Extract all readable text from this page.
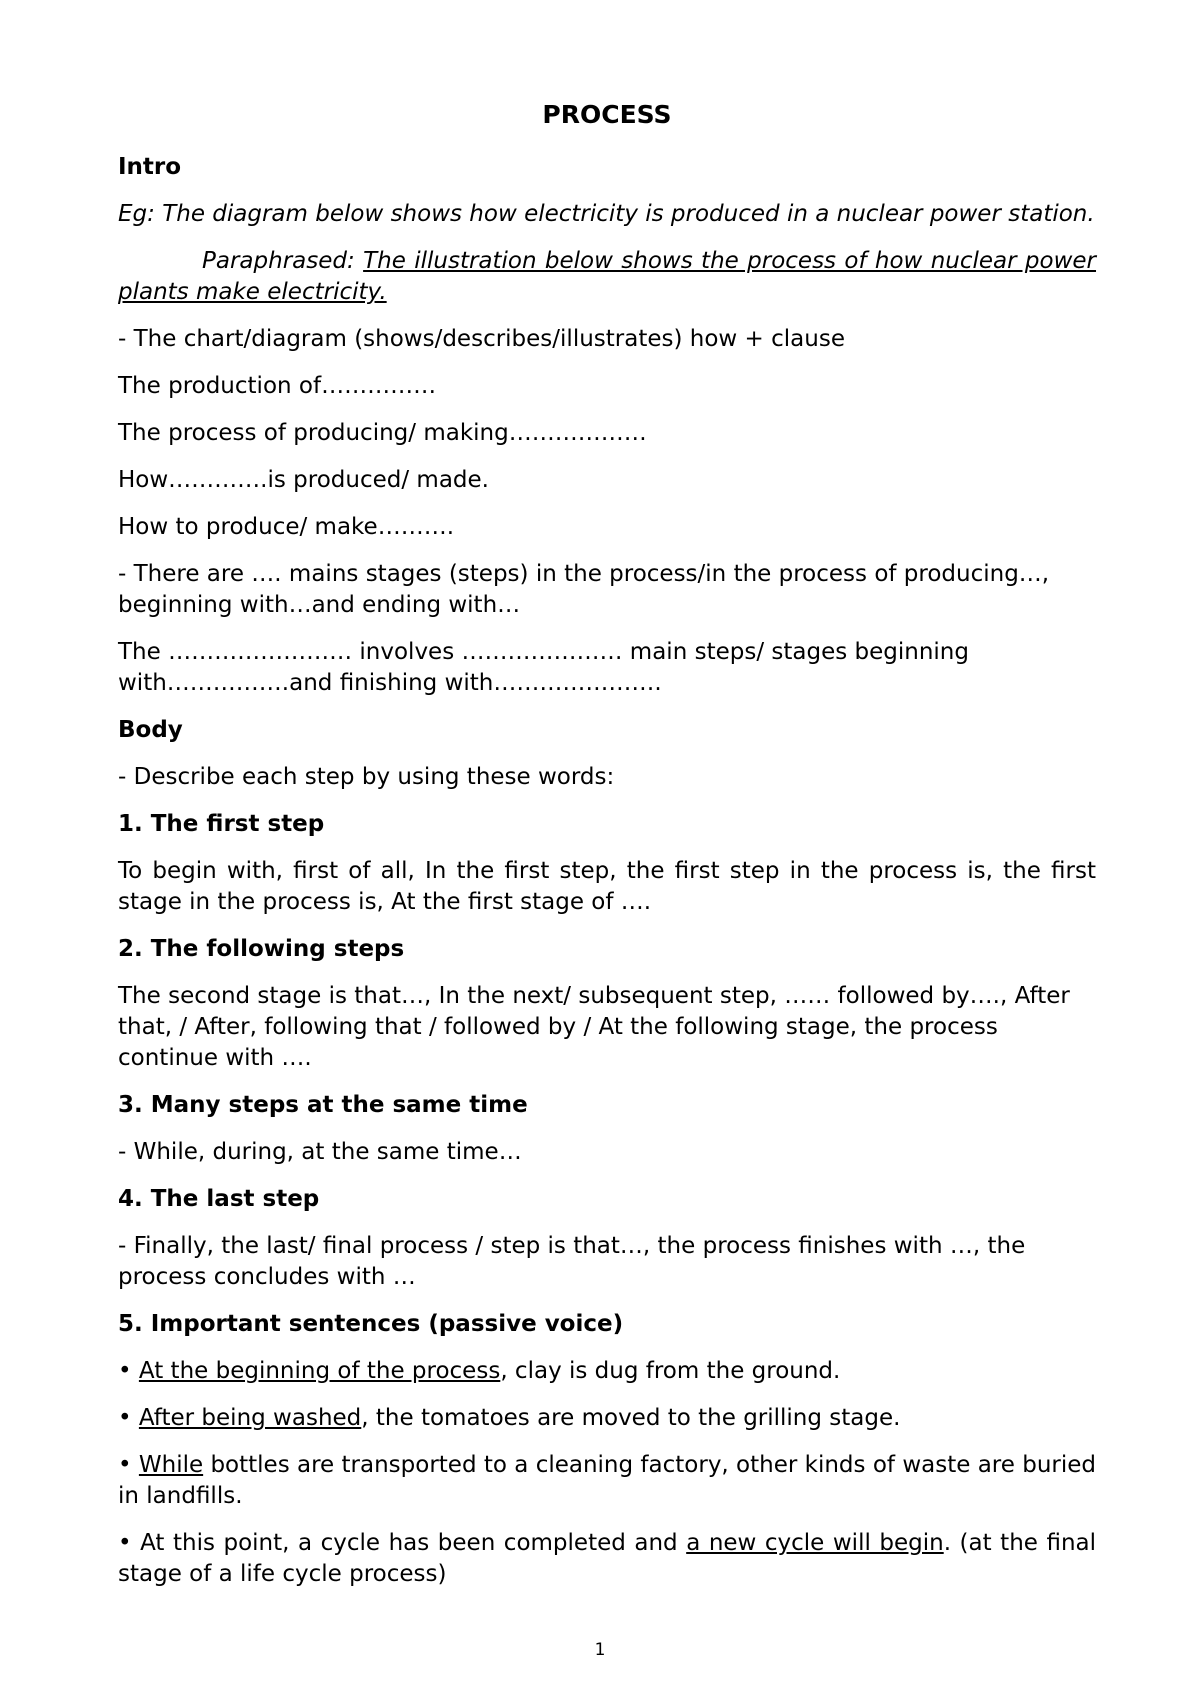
PROCESS
Intro
Eg: The diagram below shows how electricity is produced in a nuclear power station.
Paraphrased: The illustration below shows the process of how nuclear power plants make electricity.
- The chart/diagram (shows/describes/illustrates) how + clause
The production of……………
The process of producing/ making………………
How………….is produced/ made.
How to produce/ make……….
- There are …. mains stages (steps) in the process/in the process of producing…, beginning with…and ending with…
The …………………… involves ………………… main steps/ stages beginning with…………….and finishing with………………….
Body
- Describe each step by using these words:
1. The first step
To begin with, first of all, In the first step, the first step in the process is, the first stage in the process is, At the first stage of ….
2. The following steps
The second stage is that…, In the next/ subsequent step, …… followed by…., After that, / After, following that / followed by / At the following stage, the process continue with ….
3. Many steps at the same time
- While, during, at the same time…
4. The last step
- Finally, the last/ final process / step is that…, the process finishes with …, the process concludes with …
5. Important sentences (passive voice)
• At the beginning of the process, clay is dug from the ground.
• After being washed, the tomatoes are moved to the grilling stage.
• While bottles are transported to a cleaning factory, other kinds of waste are buried in landfills.
• At this point, a cycle has been completed and a new cycle will begin. (at the final stage of a life cycle process)
1
